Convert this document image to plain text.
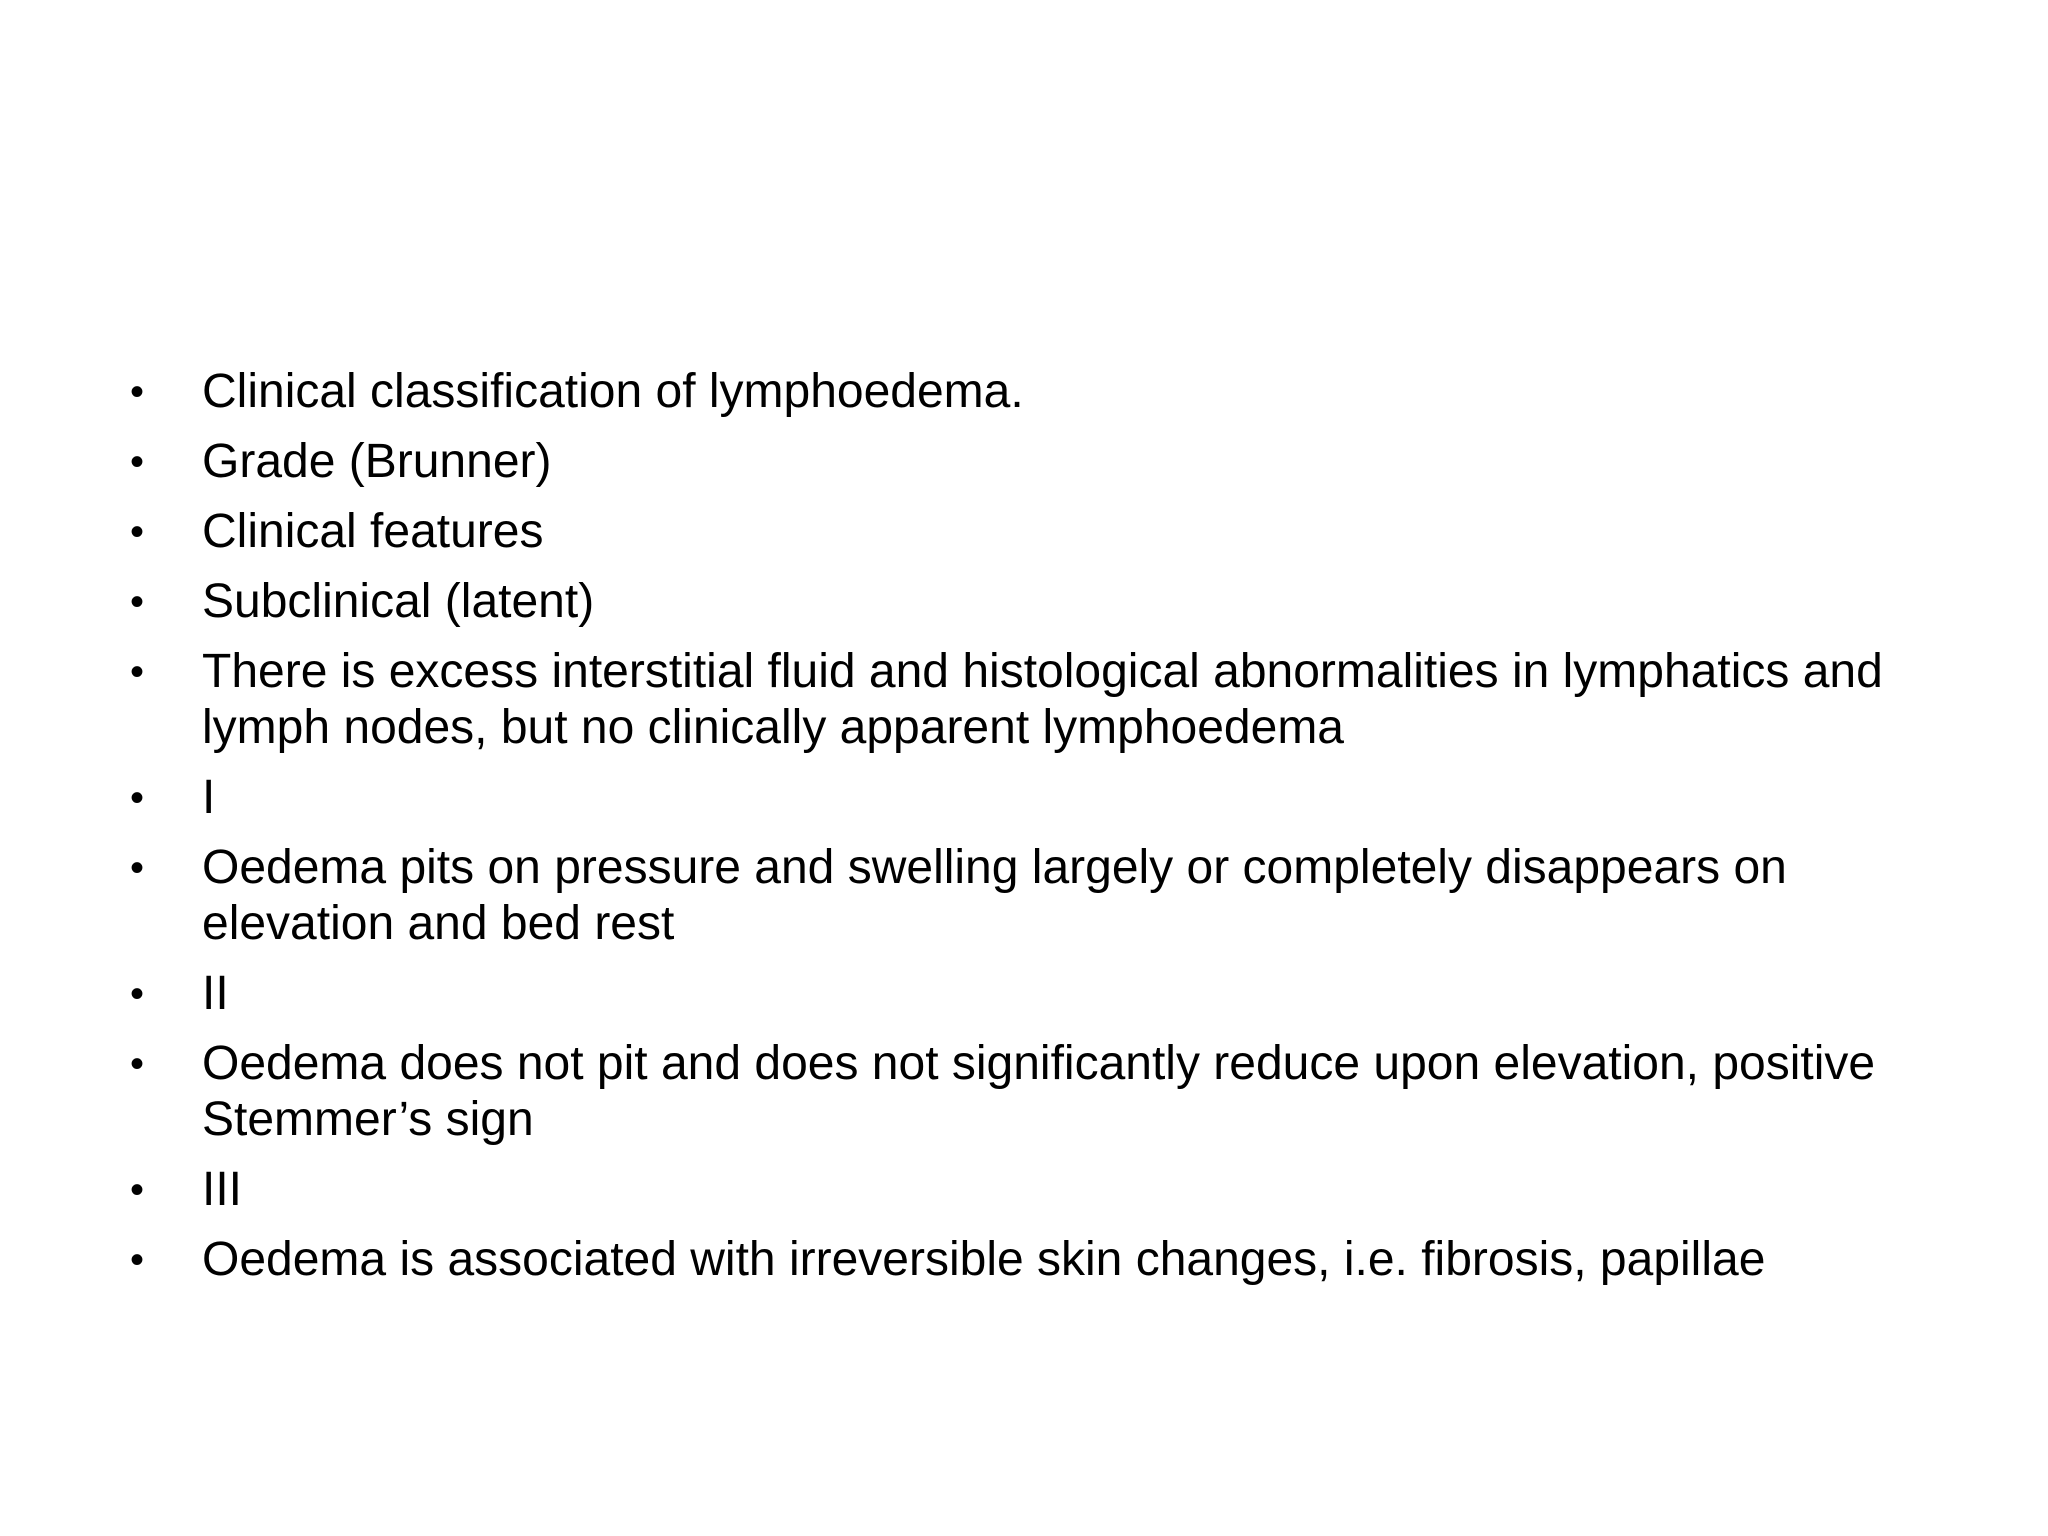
• Clinical classification of lymphoedema.
• Grade (Brunner)
• Clinical features
• Subclinical (latent)
• There is excess interstitial fluid and histological abnormalities in lymphatics and lymph nodes, but no clinically apparent lymphoedema
• I
• Oedema pits on pressure and swelling largely or completely disappears on elevation and bed rest
• II
• Oedema does not pit and does not significantly reduce upon elevation, positive Stemmer’s sign
• III
• Oedema is associated with irreversible skin changes, i.e. fibrosis, papillae
